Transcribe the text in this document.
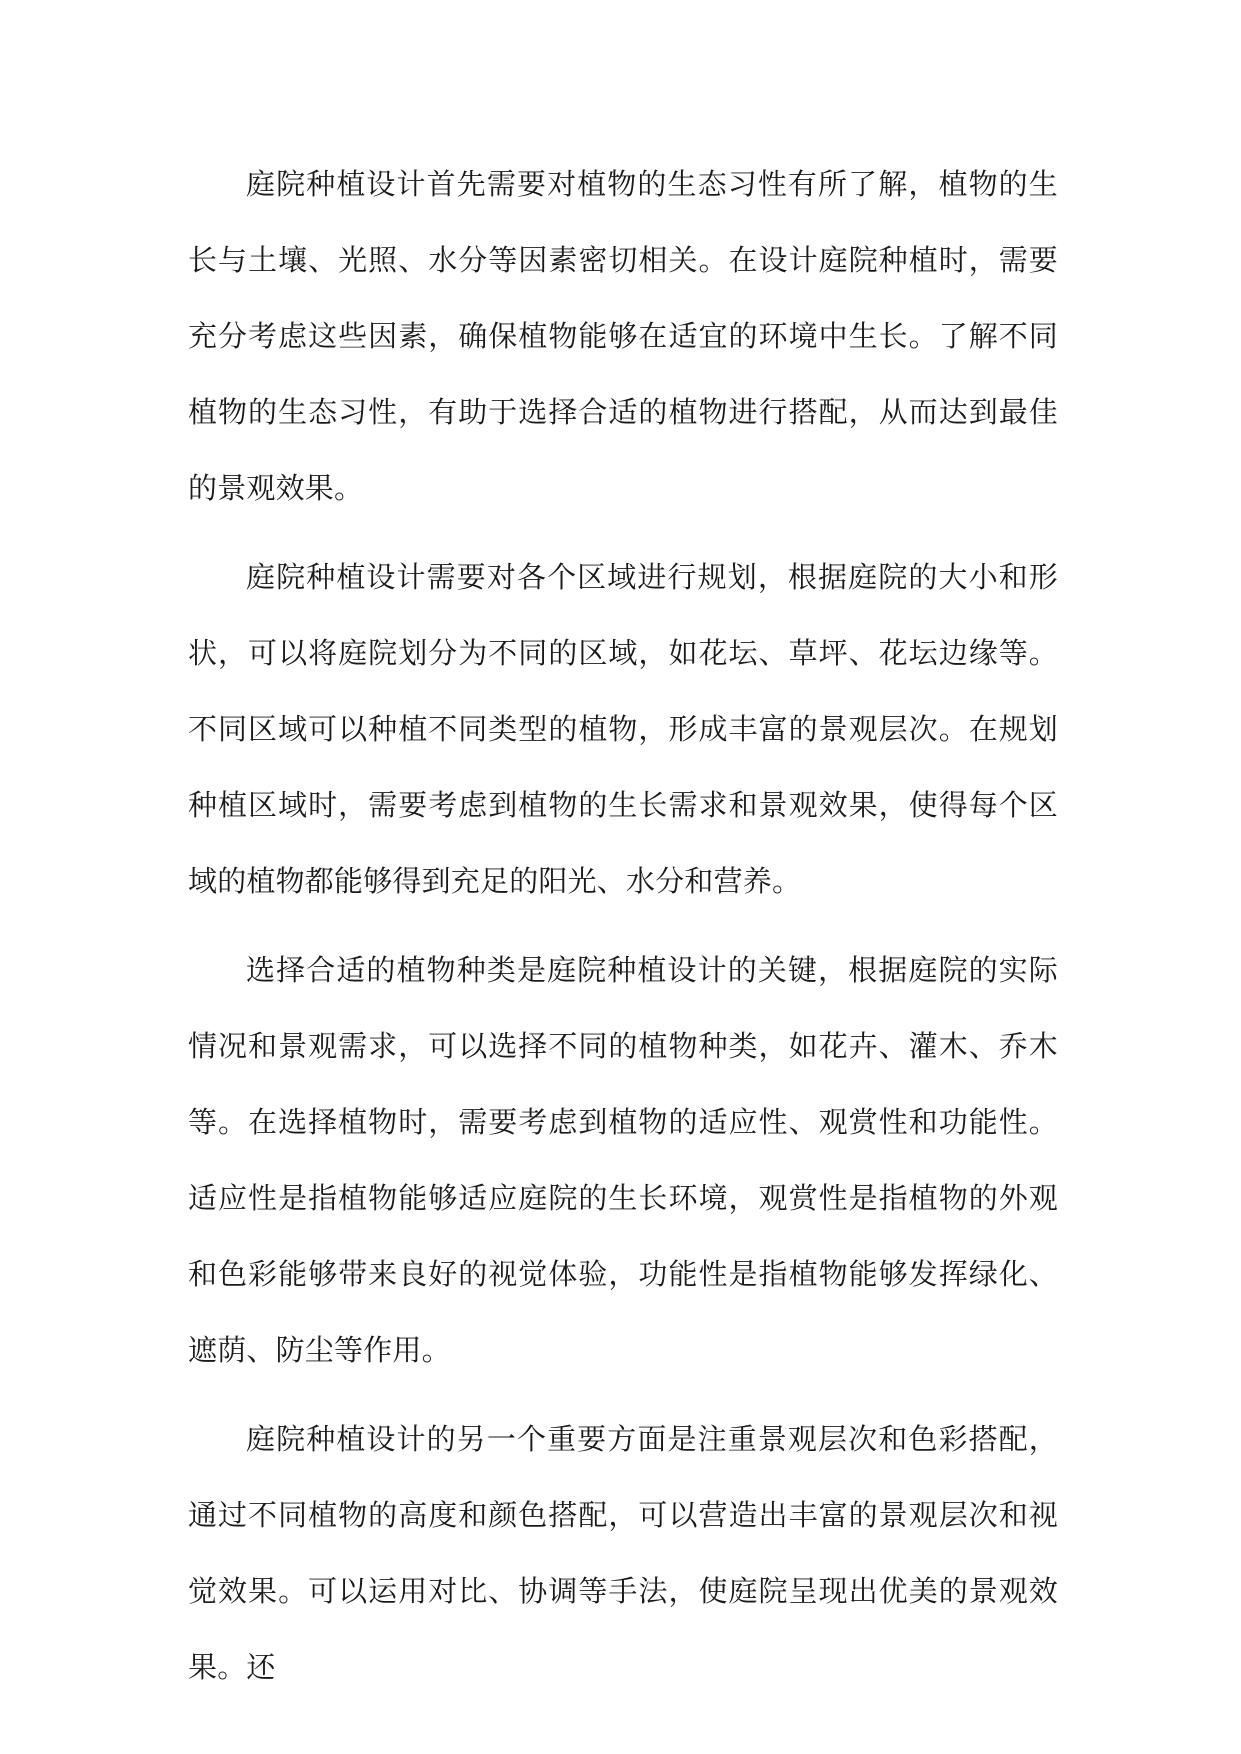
庭院种植设计首先需要对植物的生态习性有所了解，植物的生长与土壤、光照、水分等因素密切相关。在设计庭院种植时，需要充分考虑这些因素，确保植物能够在适宜的环境中生长。了解不同植物的生态习性，有助于选择合适的植物进行搭配，从而达到最佳的景观效果。

庭院种植设计需要对各个区域进行规划，根据庭院的大小和形状，可以将庭院划分为不同的区域，如花坛、草坪、花坛边缘等。不同区域可以种植不同类型的植物，形成丰富的景观层次。在规划种植区域时，需要考虑到植物的生长需求和景观效果，使得每个区域的植物都能够得到充足的阳光、水分和营养。

选择合适的植物种类是庭院种植设计的关键，根据庭院的实际情况和景观需求，可以选择不同的植物种类，如花卉、灌木、乔木等。在选择植物时，需要考虑到植物的适应性、观赏性和功能性。适应性是指植物能够适应庭院的生长环境，观赏性是指植物的外观和色彩能够带来良好的视觉体验，功能性是指植物能够发挥绿化、遮荫、防尘等作用。

庭院种植设计的另一个重要方面是注重景观层次和色彩搭配，通过不同植物的高度和颜色搭配，可以营造出丰富的景观层次和视觉效果。可以运用对比、协调等手法，使庭院呈现出优美的景观效果。还
